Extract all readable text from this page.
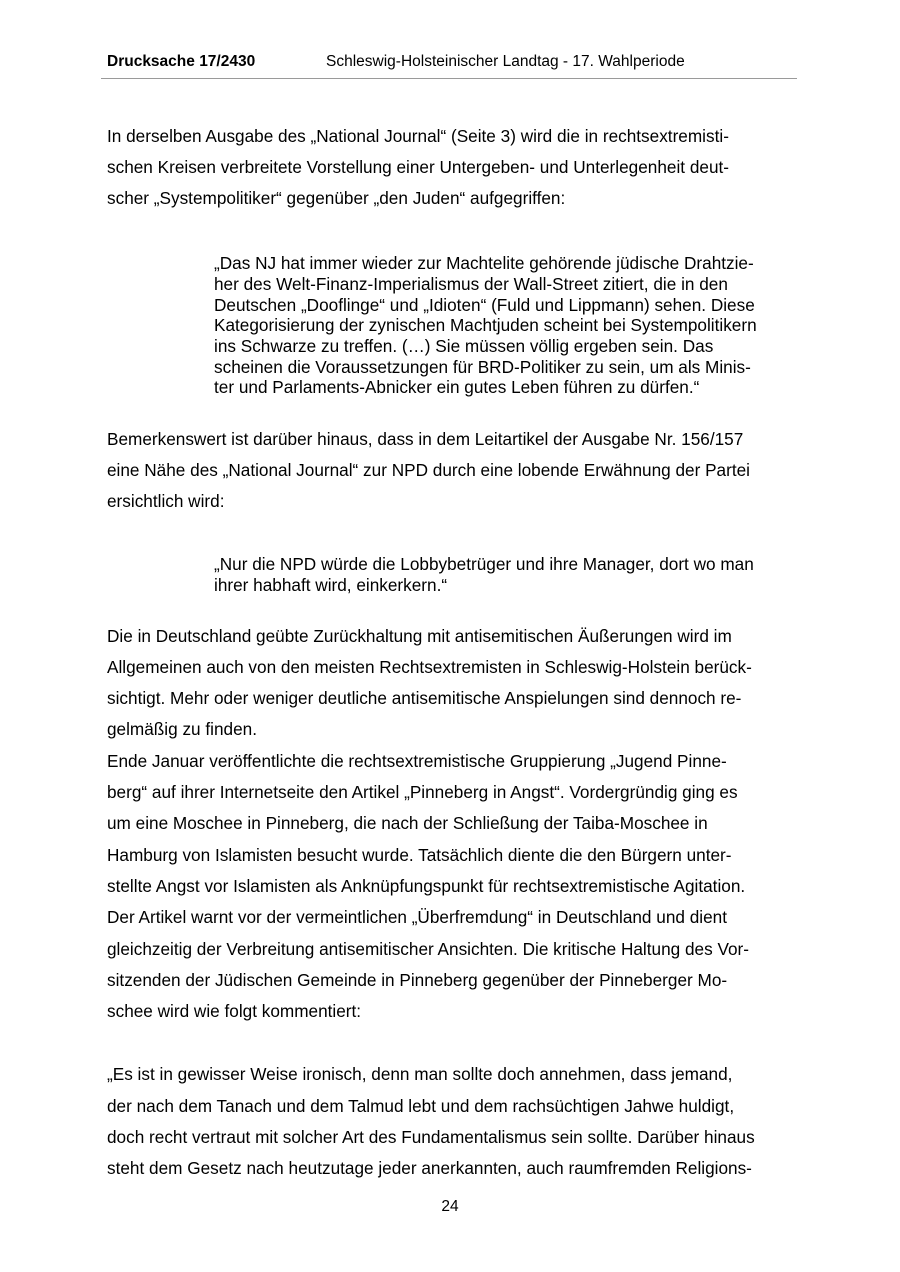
Drucksache 17/2430	Schleswig-Holsteinischer Landtag - 17. Wahlperiode
In derselben Ausgabe des „National Journal“ (Seite 3) wird die in rechtsextremisti-
schen Kreisen verbreitete Vorstellung einer Untergeben- und Unterlegenheit deut-
scher „Systempolitiker“ gegenüber „den Juden“ aufgegriffen:
„Das NJ hat immer wieder zur Machtelite gehörende jüdische Drahtzie-
her des Welt-Finanz-Imperialismus der Wall-Street zitiert, die in den
Deutschen „Dooflinge“ und „Idioten“ (Fuld und Lippmann) sehen. Diese
Kategorisierung der zynischen Machtjuden scheint bei Systempolitikern
ins Schwarze zu treffen. (…) Sie müssen völlig ergeben sein. Das
scheinen die Voraussetzungen für BRD-Politiker zu sein, um als Minis-
ter und Parlaments-Abnicker ein gutes Leben führen zu dürfen.“
Bemerkenswert ist darüber hinaus, dass in dem Leitartikel der Ausgabe Nr. 156/157
eine Nähe des „National Journal“ zur NPD durch eine lobende Erwähnung der Partei
ersichtlich wird:
„Nur die NPD würde die Lobbybetrüger und ihre Manager, dort wo man
ihrer habhaft wird, einkerkern.“
Die in Deutschland geübte Zurückhaltung mit antisemitischen Äußerungen wird im
Allgemeinen auch von den meisten Rechtsextremisten in Schleswig-Holstein berück-
sichtigt. Mehr oder weniger deutliche antisemitische Anspielungen sind dennoch re-
gelmäßig zu finden.
Ende Januar veröffentlichte die rechtsextremistische Gruppierung „Jugend Pinne-
berg“ auf ihrer Internetseite den Artikel „Pinneberg in Angst“. Vordergründig ging es
um eine Moschee in Pinneberg, die nach der Schließung der Taiba-Moschee in
Hamburg von Islamisten besucht wurde. Tatsächlich diente die den Bürgern unter-
stellte Angst vor Islamisten als Anknüpfungspunkt für rechtsextremistische Agitation.
Der Artikel warnt vor der vermeintlichen „Überfremdung“ in Deutschland und dient
gleichzeitig der Verbreitung antisemitischer Ansichten. Die kritische Haltung des Vor-
sitzenden der Jüdischen Gemeinde in Pinneberg gegenüber der Pinneberger Mo-
schee wird wie folgt kommentiert:
„Es ist in gewisser Weise ironisch, denn man sollte doch annehmen, dass jemand,
der nach dem Tanach und dem Talmud lebt und dem rachsüchtigen Jahwe huldigt,
doch recht vertraut mit solcher Art des Fundamentalismus sein sollte. Darüber hinaus
steht dem Gesetz nach heutzutage jeder anerkannten, auch raumfremden Religions-
24
